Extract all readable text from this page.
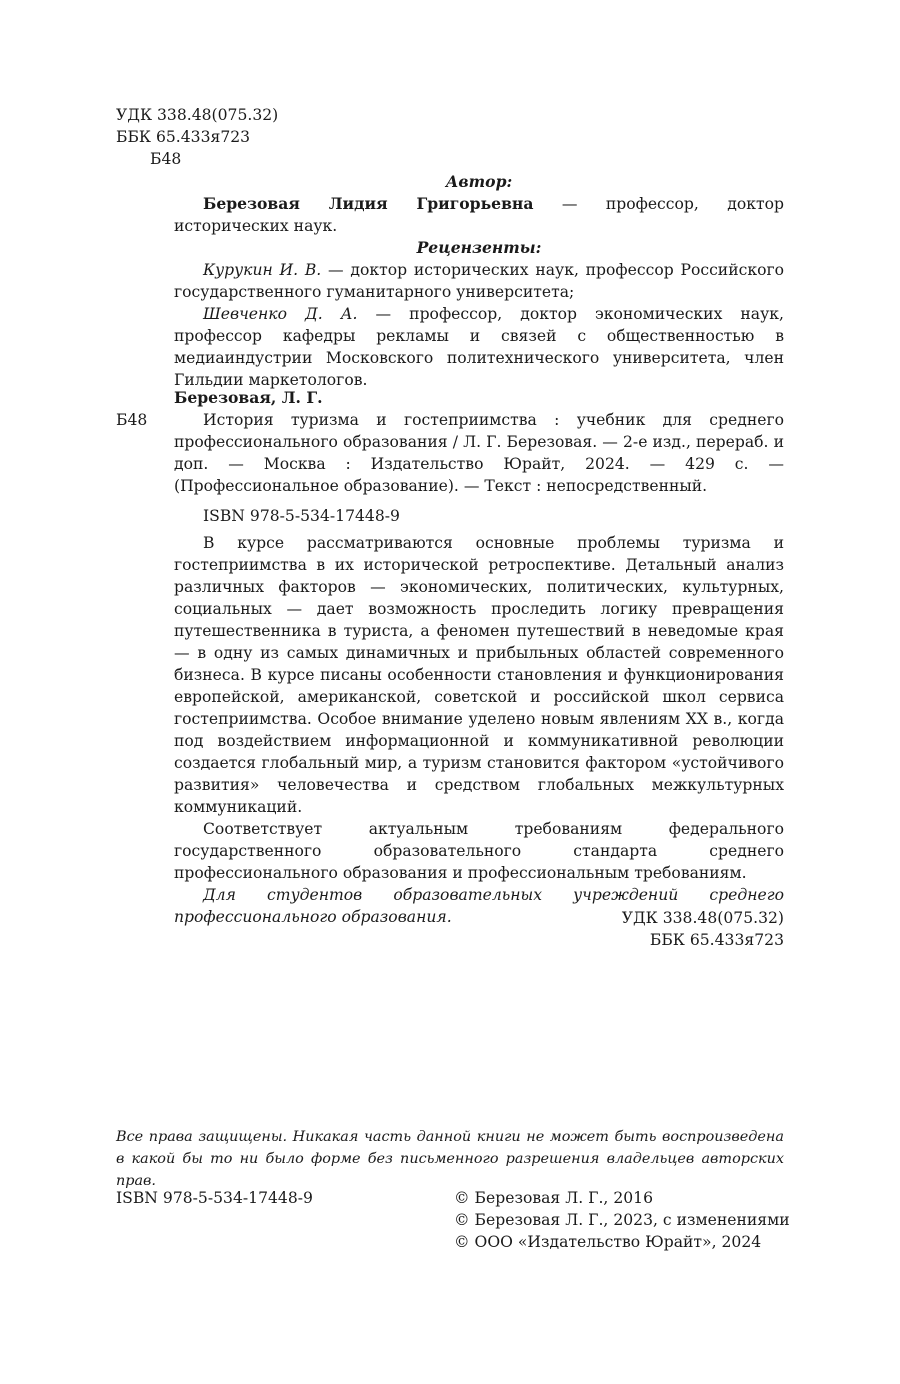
УДК 338.48(075.32)
ББК 65.433я723
Б48

Автор:

Березовая Лидия Григорьевна — профессор, доктор исторических наук.

Рецензенты:

Курукин И. В. — доктор исторических наук, профессор Российского государственного гуманитарного университета;

Шевченко Д. А. — профессор, доктор экономических наук, профессор кафедры рекламы и связей с общественностью в медиаиндустрии Московского политехнического университета, член Гильдии маркетологов.

Березовая, Л. Г.
Б48	История туризма и гостеприимства : учебник для среднего профессионального образования / Л. Г. Березовая. — 2-е изд., перераб. и доп. — Москва : Издательство Юрайт, 2024. — 429 с. — (Профессиональное образование). — Текст : непосредственный.

ISBN 978-5-534-17448-9

В курсе рассматриваются основные проблемы туризма и гостеприимства в их исторической ретроспективе. Детальный анализ различных факторов — экономических, политических, культурных, социальных — дает возможность проследить логику превращения путешественника в туриста, а феномен путешествий в неведомые края — в одну из самых динамичных и прибыльных областей современного бизнеса. В курсе писаны особенности становления и функционирования европейской, американской, советской и российской школ сервиса гостеприимства. Особое внимание уделено новым явлениям XX в., когда под воздействием информационной и коммуникативной революции создается глобальный мир, а туризм становится фактором «устойчивого развития» человечества и средством глобальных межкультурных коммуникаций.

Соответствует актуальным требованиям федерального государственного образовательного стандарта среднего профессионального образования и профессиональным требованиям.

Для студентов образовательных учреждений среднего профессионального образования.	УДК 338.48(075.32)
ББК 65.433я723
Все права защищены. Никакая часть данной книги не может быть воспроизведена в какой бы то ни было форме без письменного разрешения владельцев авторских прав.
ISBN 978-5-534-17448-9	© Березовая Л. Г., 2016
© Березовая Л. Г., 2023, с изменениями
© ООО «Издательство Юрайт», 2024
